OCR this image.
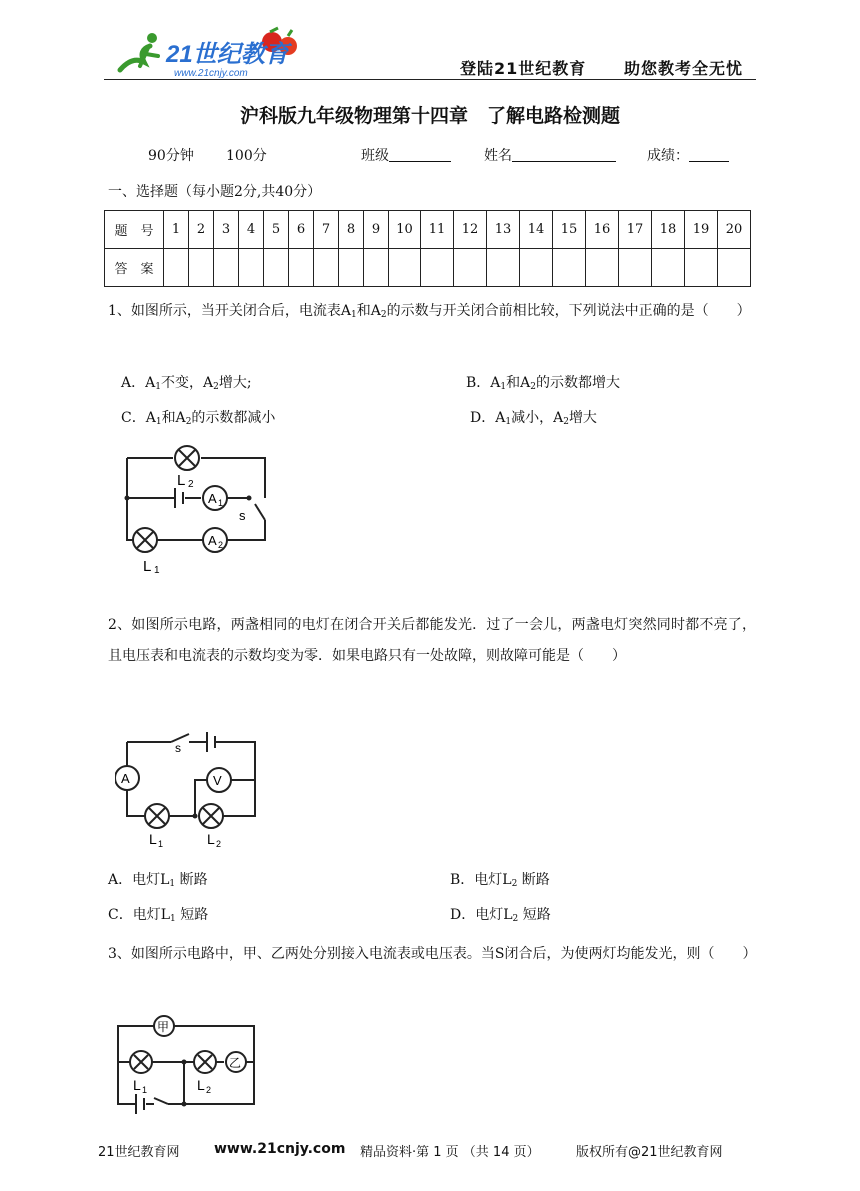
21世纪教育
www.21cnjy.com	登陆21世纪教育 助您教考全无忧
沪科版九年级物理第十四章　了解电路检测题
90分钟 100分	班级	姓名	成绩：
一、选择题（每小题2分,共40分）
题　号	1	2	3	4	5	6	7	8	9	10	11	12	13	14	15	16	17	18	19	20
答　案																				
1、如图所示，当开关闭合后，电流表$A_1$和$A_2$的示数与开关闭合前相比较，下列说法中正确的是（　　）
A．$A_1$不变，$A_2$增大;	B．$A_1$和$A_2$的示数都增大
C．$A_1$和$A_2$的示数都减小	D．$A_1$减小，$A_2$增大
L 2
L 1
A 1
A 2
s
2、如图所示电路，两盏相同的电灯在闭合开关后都能发光．过了一会儿，两盏电灯突然同时都不亮了，且电压表和电流表的示数均变为零．如果电路只有一处故障，则故障可能是（　　）
A	V
s
L 1	L 2
A．电灯$L_1$ 断路	B．电灯$L_2$ 断路
C．电灯$L_1$ 短路	D．电灯$L_2$ 短路
3、如图所示电路中，甲、乙两处分别接入电流表或电压表。当S闭合后，为使两灯均能发光，则（　　）
甲
乙
L 1	L 2
21世纪教育网 www.21cnjy.com 精品资料·第 1 页 （共 14 页）	版权所有@21世纪教育网
